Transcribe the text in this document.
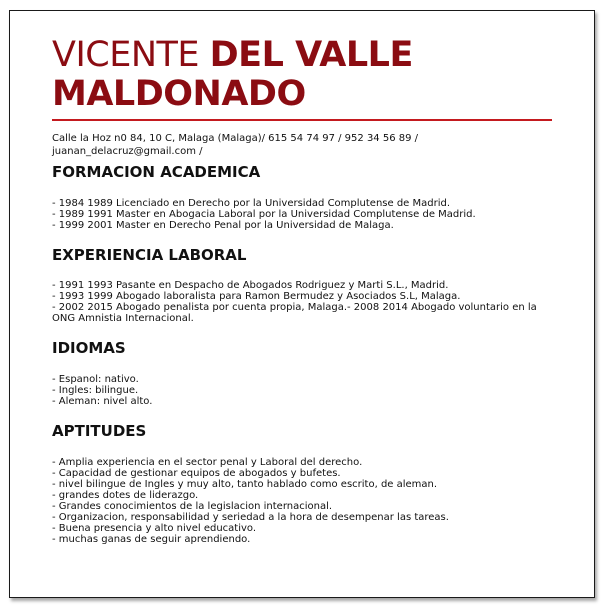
VICENTE DEL VALLE
MALDONADO
Calle la Hoz n0 84, 10 C, Malaga (Malaga)/ 615 54 74 97 / 952 34 56 89 /
juanan_delacruz@gmail.com /
FORMACION ACADEMICA
- 1984 1989 Licenciado en Derecho por la Universidad Complutense de Madrid.
- 1989 1991 Master en Abogacia Laboral por la Universidad Complutense de Madrid.
- 1999 2001 Master en Derecho Penal por la Universidad de Malaga.
EXPERIENCIA LABORAL
- 1991 1993 Pasante en Despacho de Abogados Rodriguez y Marti S.L., Madrid.
- 1993 1999 Abogado laboralista para Ramon Bermudez y Asociados S.L, Malaga.
- 2002 2015 Abogado penalista por cuenta propia, Malaga.- 2008 2014 Abogado voluntario en la ONG Amnistia Internacional.
IDIOMAS
- Espanol: nativo.
- Ingles: bilingue.
- Aleman: nivel alto.
APTITUDES
- Amplia experiencia en el sector penal y Laboral del derecho.
- Capacidad de gestionar equipos de abogados y bufetes.
- nivel bilingue de Ingles y muy alto, tanto hablado como escrito, de aleman.
- grandes dotes de liderazgo.
- Grandes conocimientos de la legislacion internacional.
- Organizacion, responsabilidad y seriedad a la hora de desempenar las tareas.
- Buena presencia y alto nivel educativo.
- muchas ganas de seguir aprendiendo.
